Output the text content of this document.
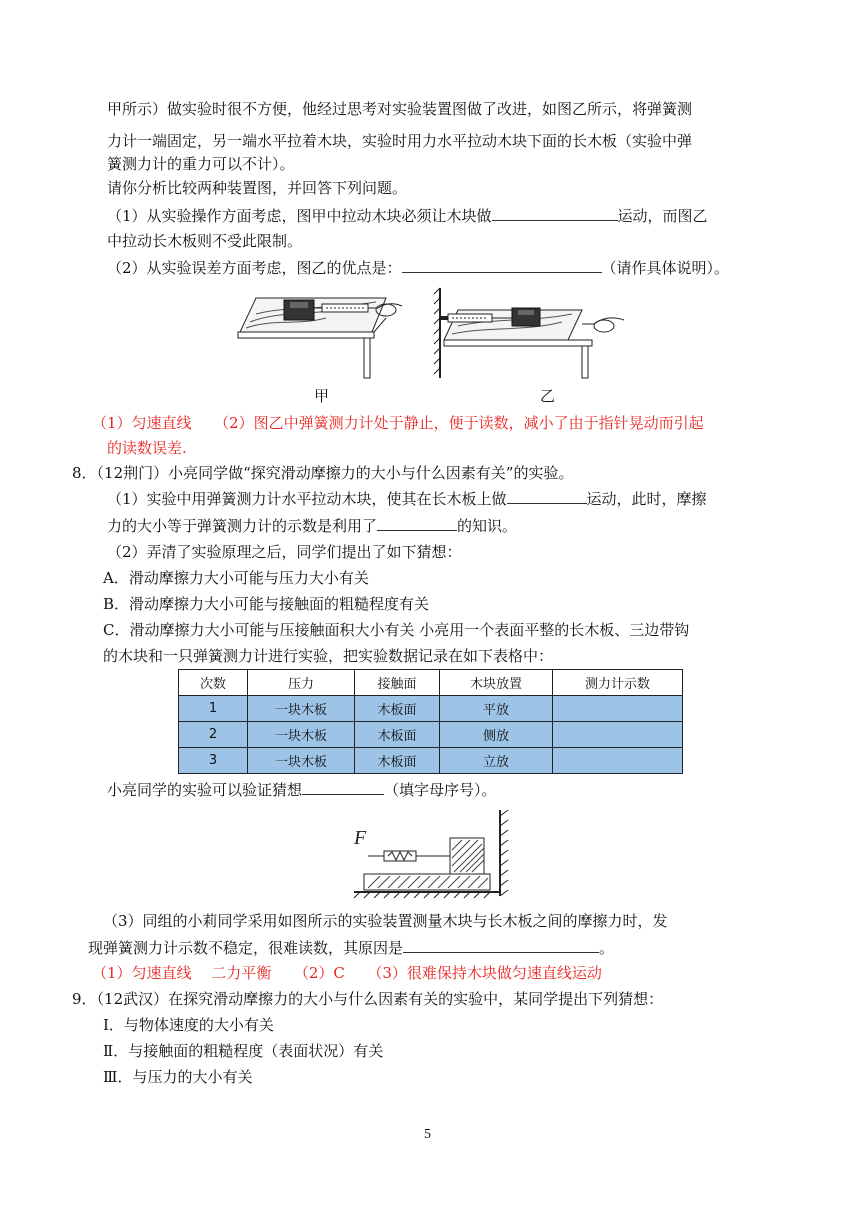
甲所示）做实验时很不方便，他经过思考对实验装置图做了改进，如图乙所示，将弹簧测
力计一端固定，另一端水平拉着木块，实验时用力水平拉动木块下面的长木板（实验中弹
簧测力计的重力可以不计）。
请你分析比较两种装置图，并回答下列问题。
（1）从实验操作方面考虑，图甲中拉动木块必须让木块做	运动，而图乙
中拉动长木板则不受此限制。
（2）从实验误差方面考虑，图乙的优点是：	（请作具体说明）。
甲	乙
（1）匀速直线　　（2）图乙中弹簧测力计处于静止，便于读数，减小了由于指针晃动而引起
的读数误差.
8．（12荆门）小亮同学做“探究滑动摩擦力的大小与什么因素有关”的实验。
（1）实验中用弹簧测力计水平拉动木块，使其在长木板上做	运动，此时，摩擦
力的大小等于弹簧测力计的示数是利用了	的知识。
（2）弄清了实验原理之后，同学们提出了如下猜想：
A．滑动摩擦力大小可能与压力大小有关
B．滑动摩擦力大小可能与接触面的粗糙程度有关
C．滑动摩擦力大小可能与压接触面积大小有关 小亮用一个表面平整的长木板、三边带钩
的木块和一只弹簧测力计进行实验，把实验数据记录在如下表格中：
次数	压力	接触面	木块放置	测力计示数
1	一块木板	木板面	平放	
2	一块木板	木板面	侧放	
3	一块木板	木板面	立放	
小亮同学的实验可以验证猜想	（填字母序号）。
F
（3）同组的小莉同学采用如图所示的实验装置测量木块与长木板之间的摩擦力时，发
现弹簧测力计示数不稳定，很难读数，其原因是	。
（1）匀速直线　 二力平衡　　（2）C　　（3）很难保持木块做匀速直线运动
9．（12武汉）在探究滑动摩擦力的大小与什么因素有关的实验中，某同学提出下列猜想：
Ⅰ．与物体速度的大小有关
Ⅱ．与接触面的粗糙程度（表面状况）有关
Ⅲ．与压力的大小有关
5
